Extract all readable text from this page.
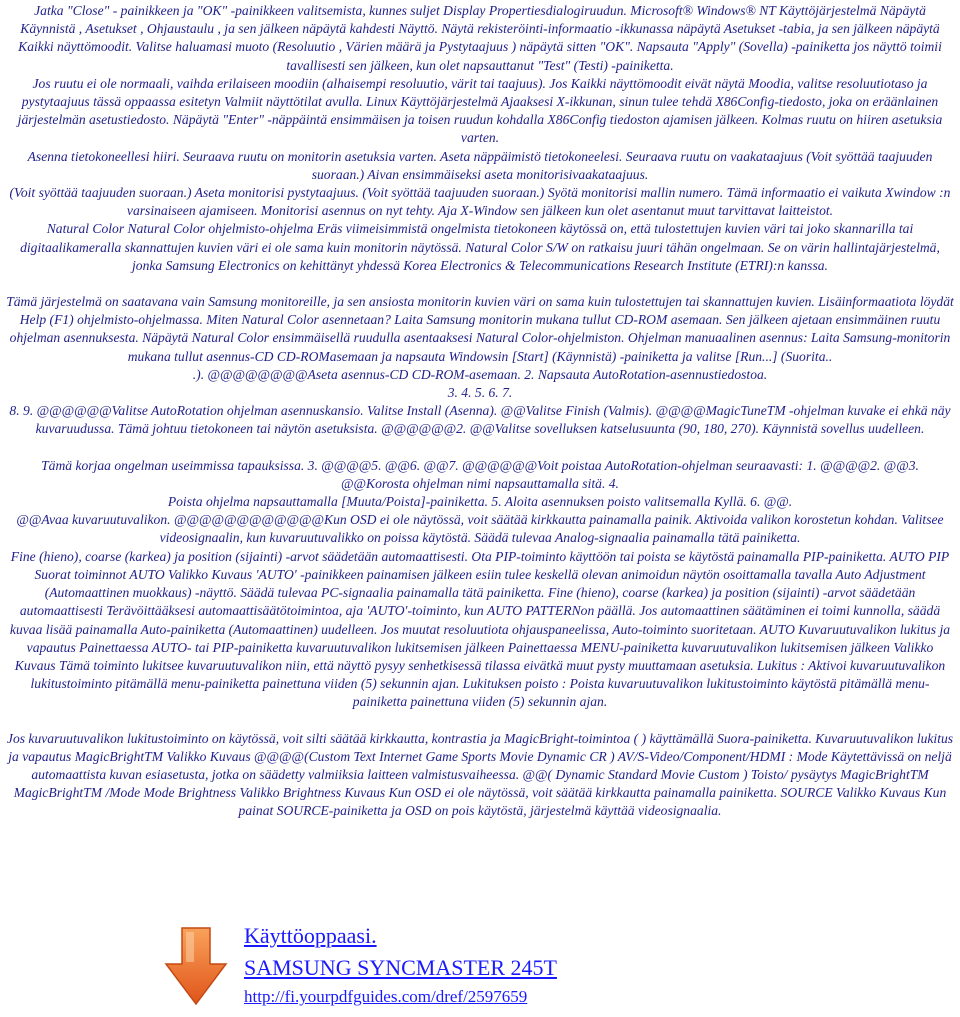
Jatka "Close" - painikkeen ja "OK" -painikkeen valitsemista, kunnes suljet Display Propertiesdialogiruudun. Microsoft® Windows® NT Käyttöjärjestelmä Näpäytä Käynnistä , Asetukset , Ohjaustaulu , ja sen jälkeen näpäytä kahdesti Näyttö. Näytä rekisteröinti-informaatio -ikkunassa näpäytä Asetukset -tabia, ja sen jälkeen näpäytä Kaikki näyttömoodit. Valitse haluamasi muoto (Resoluutio , Värien määrä ja Pystytaajuus ) näpäytä sitten "OK". Napsauta "Apply" (Sovella) -painiketta jos näyttö toimii tavallisesti sen jälkeen, kun olet napsauttanut "Test" (Testi) -painiketta.

Jos ruutu ei ole normaali, vaihda erilaiseen moodiin (alhaisempi resoluutio, värit tai taajuus). Jos Kaikki näyttömoodit eivät näytä Moodia, valitse resoluutiotaso ja pystytaajuus tässä oppaassa esitetyn Valmiit näyttötilat avulla. Linux Käyttöjärjestelmä Ajaaksesi X-ikkunan, sinun tulee tehdä X86Config-tiedosto, joka on eräänlainen järjestelmän asetustiedosto. Näpäytä "Enter" -näppäintä ensimmäisen ja toisen ruudun kohdalla X86Config tiedoston ajamisen jälkeen. Kolmas ruutu on hiiren asetuksia varten.

Asenna tietokoneellesi hiiri. Seuraava ruutu on monitorin asetuksia varten. Aseta näppäimistö tietokoneelesi. Seuraava ruutu on vaakataajuus (Voit syöttää taajuuden suoraan.) Aivan ensimmäiseksi aseta monitorisivaakataajuus.

(Voit syöttää taajuuden suoraan.) Aseta monitorisi pystytaajuus. (Voit syöttää taajuuden suoraan.) Syötä monitorisi mallin numero. Tämä informaatio ei vaikuta Xwindow :n varsinaiseen ajamiseen. Monitorisi asennus on nyt tehty. Aja X-Window sen jälkeen kun olet asentanut muut tarvittavat laitteistot.

Natural Color Natural Color ohjelmisto-ohjelma Eräs viimeisimmistä ongelmista tietokoneen käytössä on, että tulostettujen kuvien väri tai joko skannarilla tai digitaalikameralla skannattujen kuvien väri ei ole sama kuin monitorin näytössä. Natural Color S/W on ratkaisu juuri tähän ongelmaan. Se on värin hallintajärjestelmä, jonka Samsung Electronics on kehittänyt yhdessä Korea Electronics & Telecommunications Research Institute (ETRI):n kanssa.

Tämä järjestelmä on saatavana vain Samsung monitoreille, ja sen ansiosta monitorin kuvien väri on sama kuin tulostettujen tai skannattujen kuvien. Lisäinformaatiota löydät Help (F1) ohjelmisto-ohjelmassa. Miten Natural Color asennetaan? Laita Samsung monitorin mukana tullut CD-ROM asemaan. Sen jälkeen ajetaan ensimmäinen ruutu ohjelman asennuksesta. Näpäytä Natural Color ensimmäisellä ruudulla asentaaksesi Natural Color-ohjelmiston. Ohjelman manuaalinen asennus: Laita Samsung-monitorin mukana tullut asennus-CD CD-ROMasemaan ja napsauta Windowsin [Start] (Käynnistä) -painiketta ja valitse [Run...] (Suorita..

.). @@@@@@@@Aseta asennus-CD CD-ROM-asemaan. 2. Napsauta AutoRotation-asennustiedostoa.

3. 4. 5. 6. 7.

8. 9. @@@@@@Valitse AutoRotation ohjelman asennuskansio. Valitse Install (Asenna). @@Valitse Finish (Valmis). @@@@MagicTuneTM -ohjelman kuvake ei ehkä näy kuvaruudussa. Tämä johtuu tietokoneen tai näytön asetuksista. @@@@@@2. @@Valitse sovelluksen katselusuunta (90, 180, 270). Käynnistä sovellus uudelleen.

Tämä korjaa ongelman useimmissa tapauksissa. 3. @@@@5. @@6. @@7. @@@@@@Voit poistaa AutoRotation-ohjelman seuraavasti: 1. @@@@2. @@3. @@Korosta ohjelman nimi napsauttamalla sitä. 4.

Poista ohjelma napsauttamalla [Muuta/Poista]-painiketta. 5. Aloita asennuksen poisto valitsemalla Kyllä. 6. @@.

@@Avaa kuvaruutuvalikon. @@@@@@@@@@@@Kun OSD ei ole näytössä, voit säätää kirkkautta painamalla painik. Aktivoida valikon korostetun kohdan. Valitsee videosignaalin, kun kuvaruutuvalikko on poissa käytöstä. Säädä tulevaa Analog-signaalia painamalla tätä painiketta.

Fine (hieno), coarse (karkea) ja position (sijainti) -arvot säädetään automaattisesti. Ota PIP-toiminto käyttöön tai poista se käytöstä painamalla PIP-painiketta. AUTO PIP Suorat toiminnot AUTO Valikko Kuvaus 'AUTO' -painikkeen painamisen jälkeen esiin tulee keskellä olevan animoidun näytön osoittamalla tavalla Auto Adjustment (Automaattinen muokkaus) -näyttö. Säädä tulevaa PC-signaalia painamalla tätä painiketta. Fine (hieno), coarse (karkea) ja position (sijainti) -arvot säädetään automaattisesti Terävöittääksesi automaattisäätötoimintoa, aja 'AUTO'-toiminto, kun AUTO PATTERNon päällä. Jos automaattinen säätäminen ei toimi kunnolla, säädä kuvaa lisää painamalla Auto-painiketta (Automaattinen) uudelleen. Jos muutat resoluutiota ohjauspaneelissa, Auto-toiminto suoritetaan. AUTO Kuvaruutuvalikon lukitus ja vapautus Painettaessa AUTO- tai PIP-painiketta kuvaruutuvalikon lukitsemisen jälkeen Painettaessa MENU-painiketta kuvaruutuvalikon lukitsemisen jälkeen Valikko Kuvaus Tämä toiminto lukitsee kuvaruutuvalikon niin, että näyttö pysyy senhetkisessä tilassa eivätkä muut pysty muuttamaan asetuksia. Lukitus : Aktivoi kuvaruutuvalikon lukitustoiminto pitämällä menu-painiketta painettuna viiden (5) sekunnin ajan. Lukituksen poisto : Poista kuvaruutuvalikon lukitustoiminto käytöstä pitämällä menu-painiketta painettuna viiden (5) sekunnin ajan.

Jos kuvaruutuvalikon lukitustoiminto on käytössä, voit silti säätää kirkkautta, kontrastia ja MagicBright-toimintoa ( ) käyttämällä Suora-painiketta. Kuvaruutuvalikon lukitus ja vapautus MagicBrightTM Valikko Kuvaus @@@@(Custom Text Internet Game Sports Movie Dynamic CR ) AV/S-Video/Component/HDMI : Mode Käytettävissä on neljä automaattista kuvan esiasetusta, jotka on säädetty valmiiksia laitteen valmistusvaiheessa. @@( Dynamic Standard Movie Custom ) Toisto/ pysäytys MagicBrightTM MagicBrightTM /Mode Mode Brightness Valikko Brightness Kuvaus Kun OSD ei ole näytössä, voit säätää kirkkautta painamalla painiketta. SOURCE Valikko Kuvaus Kun painat SOURCE-painiketta ja OSD on pois käytöstä, järjestelmä käyttää videosignaalia.

Käyttöoppaasi.
SAMSUNG SYNCMASTER 245T
http://fi.yourpdfguides.com/dref/2597659
